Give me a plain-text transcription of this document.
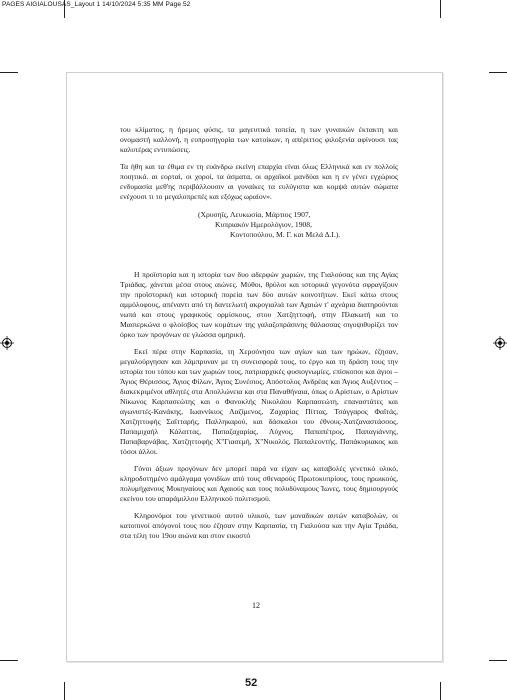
PAGES AIGIALOUSAS_Layout 1 14/10/2024 5:35 ΜΜ Page 52

του κλίματος, η ήρεμος φύσις, τα μαγευτικά τοπεία, η των γυναικών έκτακτη και ονομαστή καλλονή, η ευπροσηγορία των κατοίκων, η απέριττος φιλοξενία αφίνουσι τας καλυτέρας εντυπώσεις.

Τα ήθη και τα έθιμα εν τη ευάνδρω εκείνη επαρχία είναι όλως Ελληνικά και εν πολλοίς ποιητικά. αι εορταί, οι χοροί, τα άσματα, οι αρχαϊκοί μανδύαι και η εν γένει εγχώριος ενδυμασία μεθ'ης περιβάλλουσιν αι γυναίκες τα ευλύγιστα και κομψά αυτών σώματα ενέχουσι τι το μεγαλοπρεπές και εξόχως ωραίον».

(Χρυσηΐς, Λευκωσία, Μάρτιος 1907,
Κυπριακόν Ημερολόγιον, 1908,
Κοντοπούλου, Μ. Γ. και Μελά Δ.Ι.).

Η προϊστορία και η ιστορία των δυο αδερφών χωριών, της Γιαλούσας και της Αγίας Τριάδας, χάνεται μέσα στους αιώνες. Μύθοι, θρύλοι και ιστορικά γεγονότα σφραγίζουν την προϊστορική και ιστορική πορεία των δύο αυτών κοινοτήτων. Εκεί κάτω στους αμμόλοφους, απέναντι από τη δαντελωτή ακρογιαλιά των Αχαιών τ' αχνάρια διατηρούνται νωπά και στους γραφικούς ορμίσκους, στου Χατζηττοφή, στην Πλακωτή και το Μασιερκώνα ο φλοίσβος των κυμάτων της γαλαζοπράσινης θάλασσας σιγοψιθυρίζει τον όρκο των προγόνων σε γλώσσα ομηρική.

Εκεί πέρα στην Καρπασία, τη Χερσόνησο των αγίων και των ηρώων, έζησαν, μεγαλούργησαν και λάμπρυναν με τη συνεισφορά τους, το έργο και τη δράση τους την ιστορία του τόπου και των χωριών τους, πατριαρχικές φυσιογνωμίες, επίσκοποι και άγιοι – Άγιος Θέρισσος, Άγιος Φίλων, Άγιος Συνέσιος, Απόστολος Ανδρέας και Άγιος Αυξέντιος – διακεκριμένοι αθλητές στα Απολλώνεια και στα Παναθήναια, όπως ο Αρίστων, ο Αρίστων Νίκωνος Καρπασεώτης και ο Φανοκλής Νικολάου Καρπασεώτη, επαναστάτες και αγωνιστές-Κανάκης, Ιωαννίκιος Λαζίμενος, Ζαχαρίας Πίττας, Τσάγγαρος Φαΐτάς, Χατζηττοφής Σαϊτταρής, Παλληκαρού, και δάσκαλοι του έθνους-Χατζαναστάσσος, Παπαμιχαήλ Κάλαττας, Παπαζαχαρίας, Λύχνος, Παπαπέτρος, Παπαγιάννης, Παπαβαρνάβας, Χατζηττοφής Χ"Γιασεμή, Χ"Νικολός, Παπαλεοντής, Παπάκυριακος και τόσοι άλλοι.

Γόνοι άξιων προγόνων δεν μπορεί παρά να είχαν ως καταβολές γενετικό υλικό, κληροδοτημένο αμάλγαμα γονιδίων από τους σθεναρούς Πρωτοκυπρίους, τους ηρωικούς, πολυμήχανους Μυκηναίους και Αχαιούς και τους πολυδύναμους Ίωνες, τους δημιουργούς εκείνου του απαράμιλλου Ελληνικού πολιτισμού.

Κληρονόμοι του γενετικού αυτού υλικού, των μοναδικών αυτών καταβολών, οι κατοπινοί απόγονοί τους που έζησαν στην Καρπασία, τη Γιαλούσα και την Αγία Τριάδα, στα τέλη του 19ου αιώνα και στον εικοστό

12
52
